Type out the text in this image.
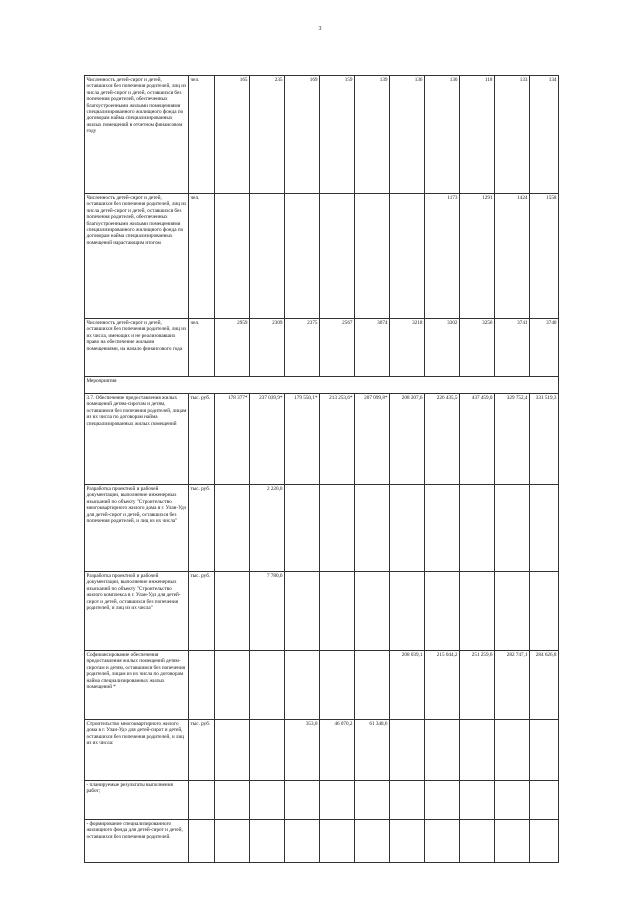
3
Численность детей-сирот и детей, оставшихся без попечения родителей, лиц из числа детей-сирот и детей, оставшихся без попечения родителей, обеспеченных благоустроенными жилыми помещениями специализированного жилищного фонда по договорам найма специализированных жилых помещений в отчетном финансовом году	чел.	165	235	169	159	139	136	130	118	133	134
Численность детей-сирот и детей, оставшихся без попечения родителей, лиц из числа детей-сирот и детей, оставшихся без попечения родителей, обеспеченных благоустроенными жилыми помещениями специализированного жилищного фонда по договорам найма специализированных помещений нарастающим итогом	чел.							1173	1291	1424	1558
Численность детей-сирот и детей, оставшихся без попечения родителей, лиц из их числа, имеющих и не реализовавших право на обеспечение жилыми помещениями, на начало финансового года	чел.	2959	2309	2375	2567	3074	3218	3302	3256	3741	3740
Мероприятия											
3.7. Обеспечение предоставления жилых помещений детям-сиротам и детям, оставшимся без попечения родителей, лицам из их числа по договорам найма специализированных жилых помещений	тыс. руб.	178 377*	237 039,9*	179 550,1*	213 253,6*	207 099,8*	208 207,6	226 435,5	437 459,0	329 752,4	331 519,3
Разработка проектной и рабочей документации, выполнение инженерных изысканий по объекту "Строительство многоквартирного жилого дома в г. Улан-Удэ для детей-сирот и детей, оставшихся без попечения родителей, и лиц из их числа"	тыс. руб.		2 220,0								
Разработка проектной и рабочей документации, выполнение инженерных изысканий по объекту "Строительство жилого комплекса в г. Улан-Удэ для детей-сирот и детей, оставшихся без попечения родителей, и лиц из их числа"	тыс. руб.		7 780,0								
Софинансирование обеспечения предоставления жилых помещений детям-сиротам и детям, оставшимся без попечения родителей, лицам из их числа по договорам найма специализированных жилых помещений *							208 039,1	215 044,2	251 259,6	282 747,1	284 626,8
Строительство многоквартирного жилого дома в г. Улан-Удэ для детей-сирот и детей, оставшихся без попечения родителей, и лиц из их числа:	тыс. руб.			353,0	46 070,2	61 348,6					
- планируемые результаты выполнения работ;											
- формирование специализированного жилищного фонда для детей-сирот и детей, оставшихся без попечения родителей.											
